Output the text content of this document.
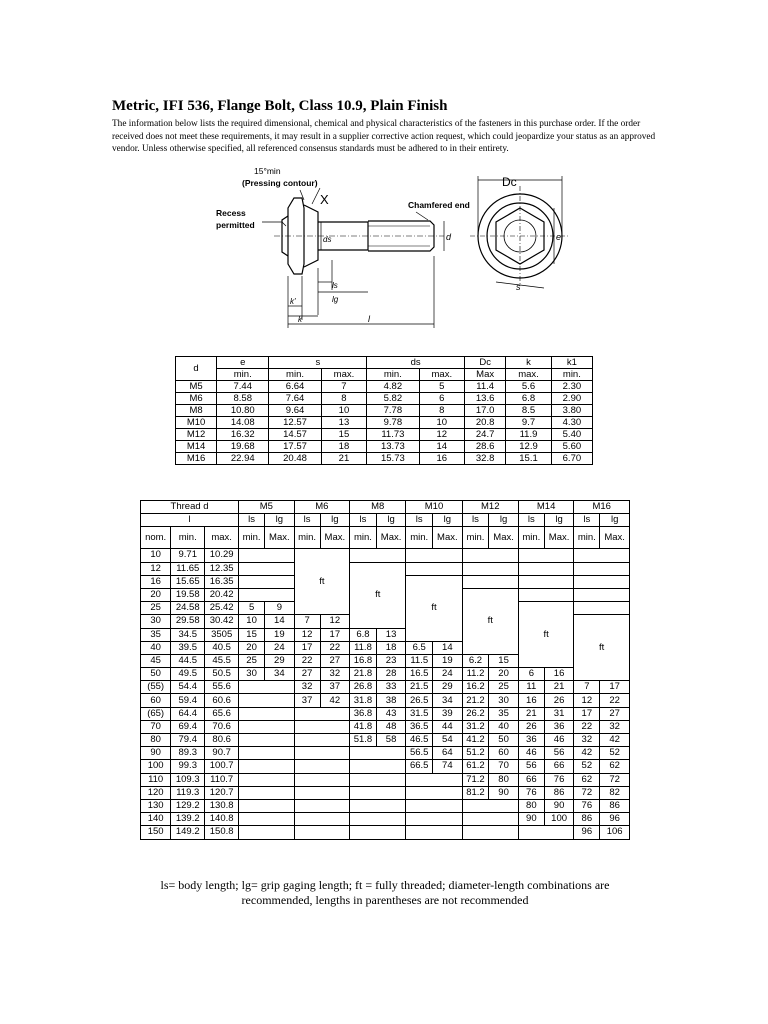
Metric, IFI 536, Flange Bolt, Class 10.9, Plain Finish

The information below lists the required dimensional, chemical and physical characteristics of the fasteners in this purchase order. If the order received does not meet these requirements, it may result in a supplier corrective action request, which could jeopardize your status as an approved vendor. Unless otherwise specified, all referenced consensus standards must be adhered to in their entirety.

15°min
(Pressing contour)
X
Recess
permitted
Chamfered end
Dc
ds	d	e
s
ls
lg
k'
k	l
d	e	s		ds		Dc	k	k1
	min.	min.	max.	min.	max.	Max	max.	min.
M5	7.44	6.64	7	4.82	5	11.4	5.6	2.30
M6	8.58	7.64	8	5.82	6	13.6	6.8	2.90
M8	10.80	9.64	10	7.78	8	17.0	8.5	3.80
M10	14.08	12.57	13	9.78	10	20.8	9.7	4.30
M12	16.32	14.57	15	11.73	12	24.7	11.9	5.40
M14	19.68	17.57	18	13.73	14	28.6	12.9	5.60
M16	22.94	20.48	21	15.73	16	32.8	15.1	6.70
Thread d			M5		M6		M8		M10		M12		M14		M16	
l			ls	lg	ls	lg	ls	lg	ls	lg	ls	lg	ls	lg	ls	lg
nom.	min.	max.	min.	Max.	min.	Max.	min.	Max.	min.	Max.	min.	Max.	min.	Max.	min.	Max.
10	9.71	10.29			ft											
12	11.65	12.35					ft									
16	15.65	16.35							ft							
20	19.58	20.42									ft					
25	24.58	25.42	5	9									ft			
30	29.58	30.42	10	14	7	12									ft	
35	34.5	3505	15	19	12	17	6.8	13								
40	39.5	40.5	20	24	17	22	11.8	18	6.5	14						
45	44.5	45.5	25	29	22	27	16.8	23	11.5	19	6.2	15				
50	49.5	50.5	30	34	27	32	21.8	28	16.5	24	11.2	20	6	16		
(55)	54.4	55.6			32	37	26.8	33	21.5	29	16.2	25	11	21	7	17
60	59.4	60.6			37	42	31.8	38	26.5	34	21.2	30	16	26	12	22
(65)	64.4	65.6					36.8	43	31.5	39	26.2	35	21	31	17	27
70	69.4	70.6					41.8	48	36.5	44	31.2	40	26	36	22	32
80	79.4	80.6					51.8	58	46.5	54	41.2	50	36	46	32	42
90	89.3	90.7							56.5	64	51.2	60	46	56	42	52
100	99.3	100.7							66.5	74	61.2	70	56	66	52	62
110	109.3	110.7									71.2	80	66	76	62	72
120	119.3	120.7									81.2	90	76	86	72	82
130	129.2	130.8											80	90	76	86
140	139.2	140.8											90	100	86	96
150	149.2	150.8													96	106

ls= body length; lg= grip gaging length; ft = fully threaded; diameter-length combinations are recommended, lengths in parentheses are not recommended
